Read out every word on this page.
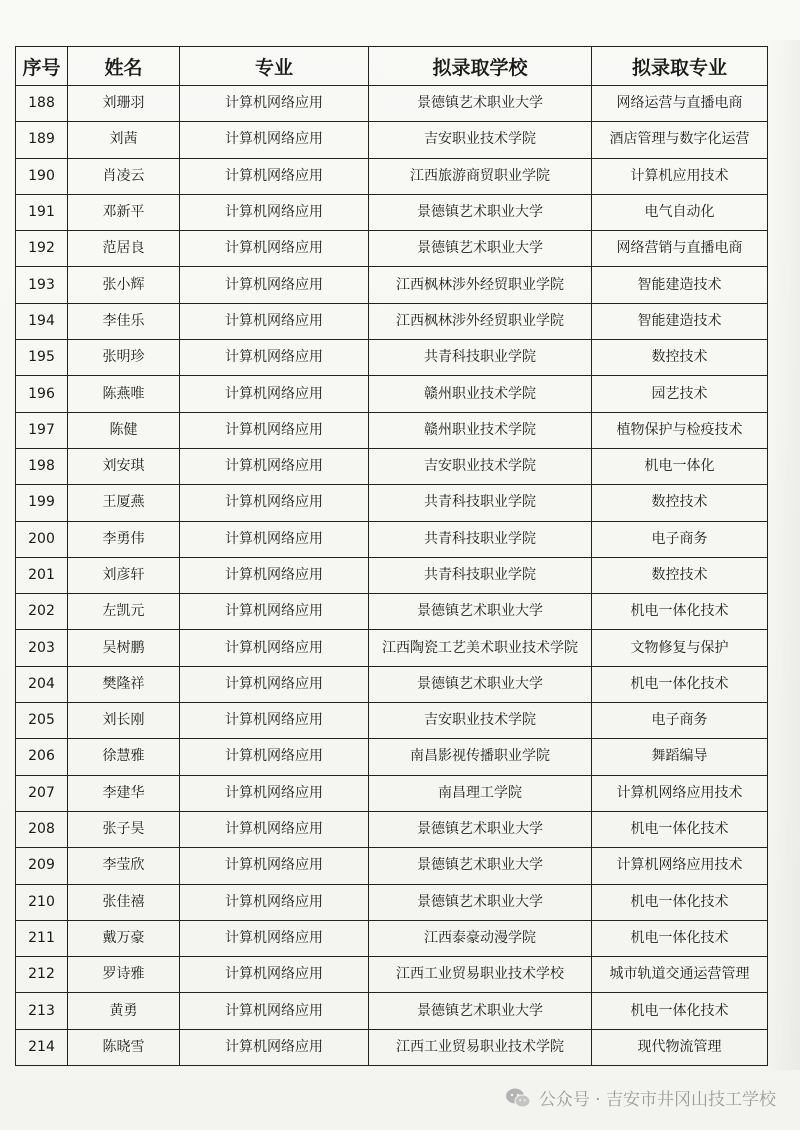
序号	姓名	专业	拟录取学校	拟录取专业
188	刘珊羽	计算机网络应用	景德镇艺术职业大学	网络运营与直播电商
189	刘茜	计算机网络应用	吉安职业技术学院	酒店管理与数字化运营
190	肖凌云	计算机网络应用	江西旅游商贸职业学院	计算机应用技术
191	邓新平	计算机网络应用	景德镇艺术职业大学	电气自动化
192	范居良	计算机网络应用	景德镇艺术职业大学	网络营销与直播电商
193	张小辉	计算机网络应用	江西枫林涉外经贸职业学院	智能建造技术
194	李佳乐	计算机网络应用	江西枫林涉外经贸职业学院	智能建造技术
195	张明珍	计算机网络应用	共青科技职业学院	数控技术
196	陈燕唯	计算机网络应用	赣州职业技术学院	园艺技术
197	陈健	计算机网络应用	赣州职业技术学院	植物保护与检疫技术
198	刘安琪	计算机网络应用	吉安职业技术学院	机电一体化
199	王厦燕	计算机网络应用	共青科技职业学院	数控技术
200	李勇伟	计算机网络应用	共青科技职业学院	电子商务
201	刘彦轩	计算机网络应用	共青科技职业学院	数控技术
202	左凯元	计算机网络应用	景德镇艺术职业大学	机电一体化技术
203	吴树鹏	计算机网络应用	江西陶瓷工艺美术职业技术学院	文物修复与保护
204	樊隆祥	计算机网络应用	景德镇艺术职业大学	机电一体化技术
205	刘长刚	计算机网络应用	吉安职业技术学院	电子商务
206	徐慧雅	计算机网络应用	南昌影视传播职业学院	舞蹈编导
207	李建华	计算机网络应用	南昌理工学院	计算机网络应用技术
208	张子昊	计算机网络应用	景德镇艺术职业大学	机电一体化技术
209	李莹欣	计算机网络应用	景德镇艺术职业大学	计算机网络应用技术
210	张佳禧	计算机网络应用	景德镇艺术职业大学	机电一体化技术
211	戴万豪	计算机网络应用	江西泰豪动漫学院	机电一体化技术
212	罗诗雅	计算机网络应用	江西工业贸易职业技术学校	城市轨道交通运营管理
213	黄勇	计算机网络应用	景德镇艺术职业大学	机电一体化技术
214	陈晓雪	计算机网络应用	江西工业贸易职业技术学院	现代物流管理
公众号 · 吉安市井冈山技工学校
